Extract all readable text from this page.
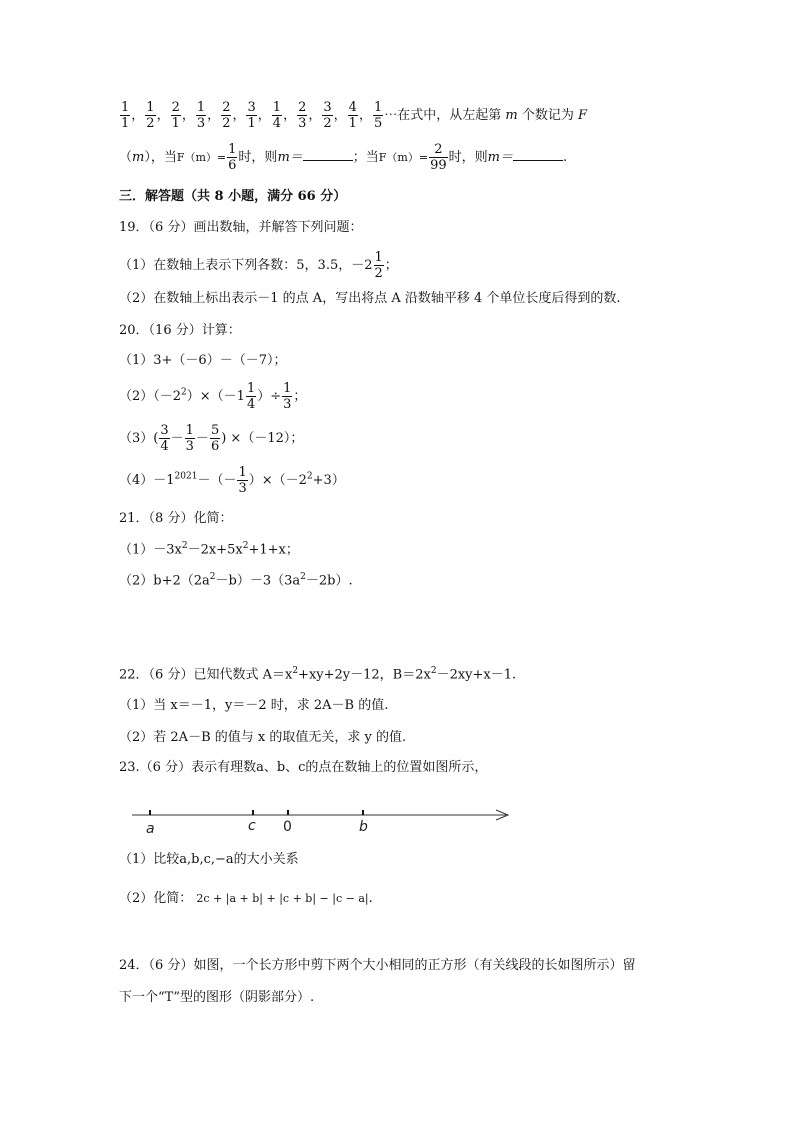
$\frac{1}{1}$ ， $\frac{1}{2}$ ， $\frac{2}{1}$ ， $\frac{1}{3}$ ， $\frac{2}{2}$ ， $\frac{3}{1}$ ， $\frac{1}{4}$ ， $\frac{2}{3}$ ， $\frac{3}{2}$ ， $\frac{4}{1}$ ， $\frac{1}{5}$ ⋯在式中，从左起第 m 个数记为 F
（m），当$F(m)= \frac{1}{6}$ 时，则m＝	；当$F(m)= \frac{2}{99}$ 时，则m＝	.
三．解答题（共 8 小题，满分 66 分）
19．（6 分）画出数轴，并解答下列问题：
（1）在数轴上表示下列各数：5，3.5，$-2 \frac{1}{2}$ ；
（2）在数轴上标出表示－1 的点 A，写出将点 A 沿数轴平移 4 个单位长度后得到的数.
20．（16 分）计算：
（1）3+（－6）－（－7）；
$(2)(-2^2)\times(-1 \frac{1}{4}$ ）÷ $\frac{1}{3}$ ；
$(3)( \frac{3}{4} - \frac{1}{3} - \frac{5}{6}$ ) ×（－12）；
$(4)-1^{2021}-(- \frac{1}{3} )\times(-2^2+3)$
21．（8 分）化简：
$(1)-3x^2-2x+5x^2+1+x$；
$(2)b+2(2a^2-b)-3(3a^2-2b)$.
22．（6 分）已知代数式 $A=x^2+xy+2y-12$，$B=2x^2-2xy+x-1$.
（1）当 x＝－1，y＝－2 时，求 2A－B 的值.
（2）若 2A－B 的值与 x 的取值无关，求 y 的值.
23.（6 分）表示有理数a、b、c的点在数轴上的位置如图所示，
a	c 0	b
（1）比较a,b,c,−a的大小关系
（2）化简： 2c + |a + b| + |c + b| − |c − a|.
24．（6 分）如图，一个长方形中剪下两个大小相同的正方形（有关线段的长如图所示）留
下一个“T”型的图形（阴影部分）.
